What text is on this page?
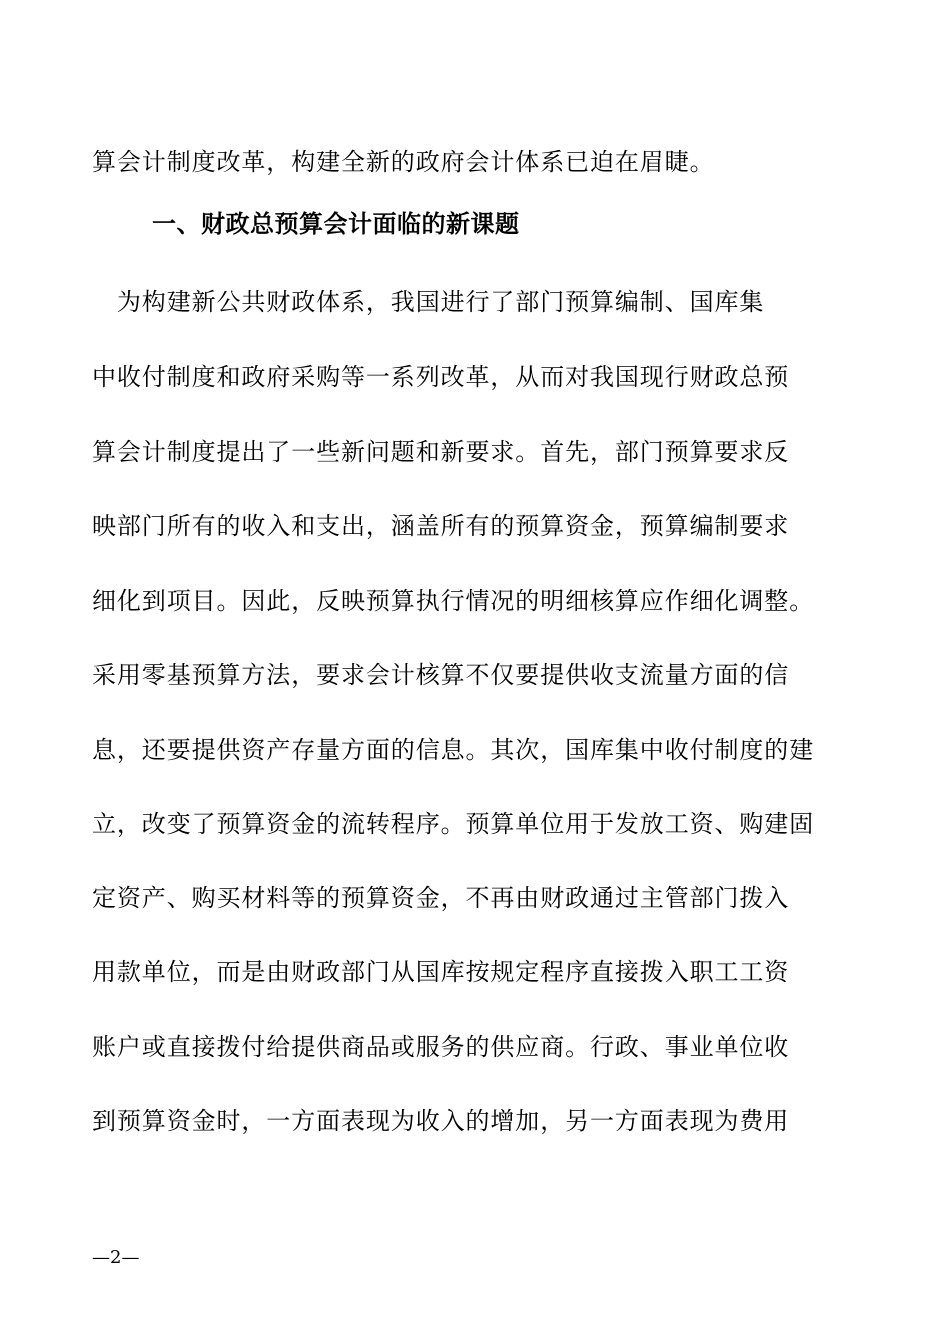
算会计制度改革，构建全新的政府会计体系已迫在眉睫。
一、财政总预算会计面临的新课题
　为构建新公共财政体系，我国进行了部门预算编制、国库集
中收付制度和政府采购等一系列改革，从而对我国现行财政总预
算会计制度提出了一些新问题和新要求。首先，部门预算要求反
映部门所有的收入和支出，涵盖所有的预算资金，预算编制要求
细化到项目。因此，反映预算执行情况的明细核算应作细化调整。
采用零基预算方法，要求会计核算不仅要提供收支流量方面的信
息，还要提供资产存量方面的信息。其次，国库集中收付制度的建
立，改变了预算资金的流转程序。预算单位用于发放工资、购建固
定资产、购买材料等的预算资金，不再由财政通过主管部门拨入
用款单位，而是由财政部门从国库按规定程序直接拨入职工工资
账户或直接拨付给提供商品或服务的供应商。行政、事业单位收
到预算资金时，一方面表现为收入的增加，另一方面表现为费用
—2—
